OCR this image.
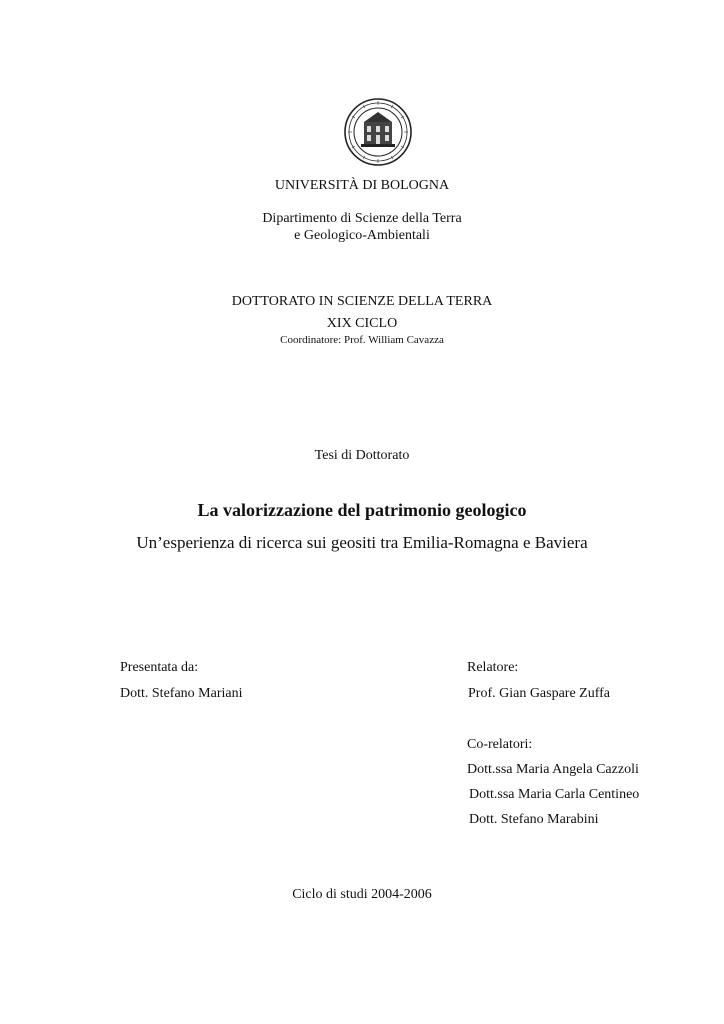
UNIVERSITÀ DI BOLOGNA
Dipartimento di Scienze della Terra
e Geologico-Ambientali
DOTTORATO IN SCIENZE DELLA TERRA
XIX CICLO
Coordinatore: Prof. William Cavazza
Tesi di Dottorato
La valorizzazione del patrimonio geologico
Un’esperienza di ricerca sui geositi tra Emilia-Romagna e Baviera
Presentata da:
Dott. Stefano Mariani
Relatore:
Prof. Gian Gaspare Zuffa
Co-relatori:
Dott.ssa Maria Angela Cazzoli
Dott.ssa Maria Carla Centineo
Dott. Stefano Marabini
Ciclo di studi 2004-2006
